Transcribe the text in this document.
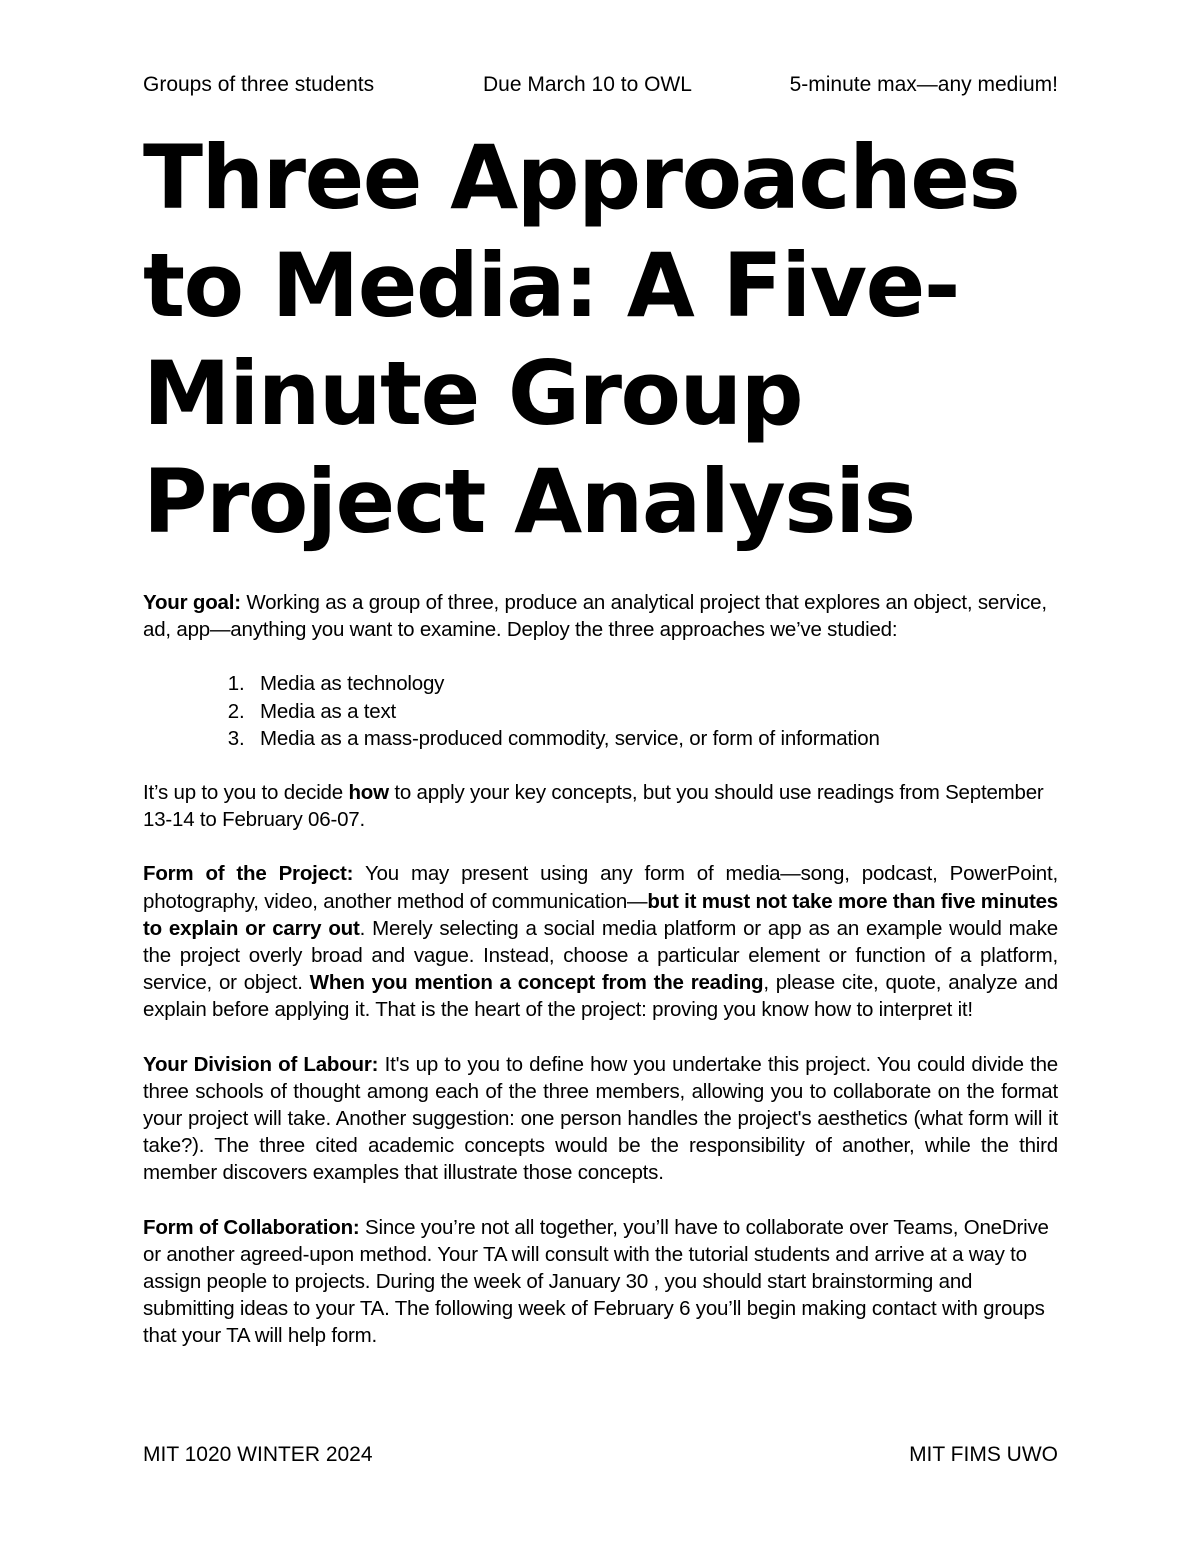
Groups of three students	Due March 10 to OWL	5-minute max—any medium!
Three Approaches to Media: A Five-Minute Group Project Analysis

Your goal: Working as a group of three, produce an analytical project that explores an object, service, ad, app—anything you want to examine. Deploy the three approaches we’ve studied:

1. Media as technology
2. Media as a text
3. Media as a mass-produced commodity, service, or form of information

It’s up to you to decide how to apply your key concepts, but you should use readings from September 13-14 to February 06-07.

Form of the Project: You may present using any form of media—song, podcast, PowerPoint, photography, video, another method of communication—but it must not take more than five minutes to explain or carry out. Merely selecting a social media platform or app as an example would make the project overly broad and vague. Instead, choose a particular element or function of a platform, service, or object. When you mention a concept from the reading, please cite, quote, analyze and explain before applying it. That is the heart of the project: proving you know how to interpret it!

Your Division of Labour: It's up to you to define how you undertake this project. You could divide the three schools of thought among each of the three members, allowing you to collaborate on the format your project will take. Another suggestion: one person handles the project's aesthetics (what form will it take?). The three cited academic concepts would be the responsibility of another, while the third member discovers examples that illustrate those concepts.

Form of Collaboration: Since you’re not all together, you’ll have to collaborate over Teams, OneDrive or another agreed-upon method. Your TA will consult with the tutorial students and arrive at a way to assign people to projects. During the week of January 30 , you should start brainstorming and submitting ideas to your TA. The following week of February 6 you’ll begin making contact with groups that your TA will help form.

MIT 1020 WINTER 2024	MIT FIMS UWO
